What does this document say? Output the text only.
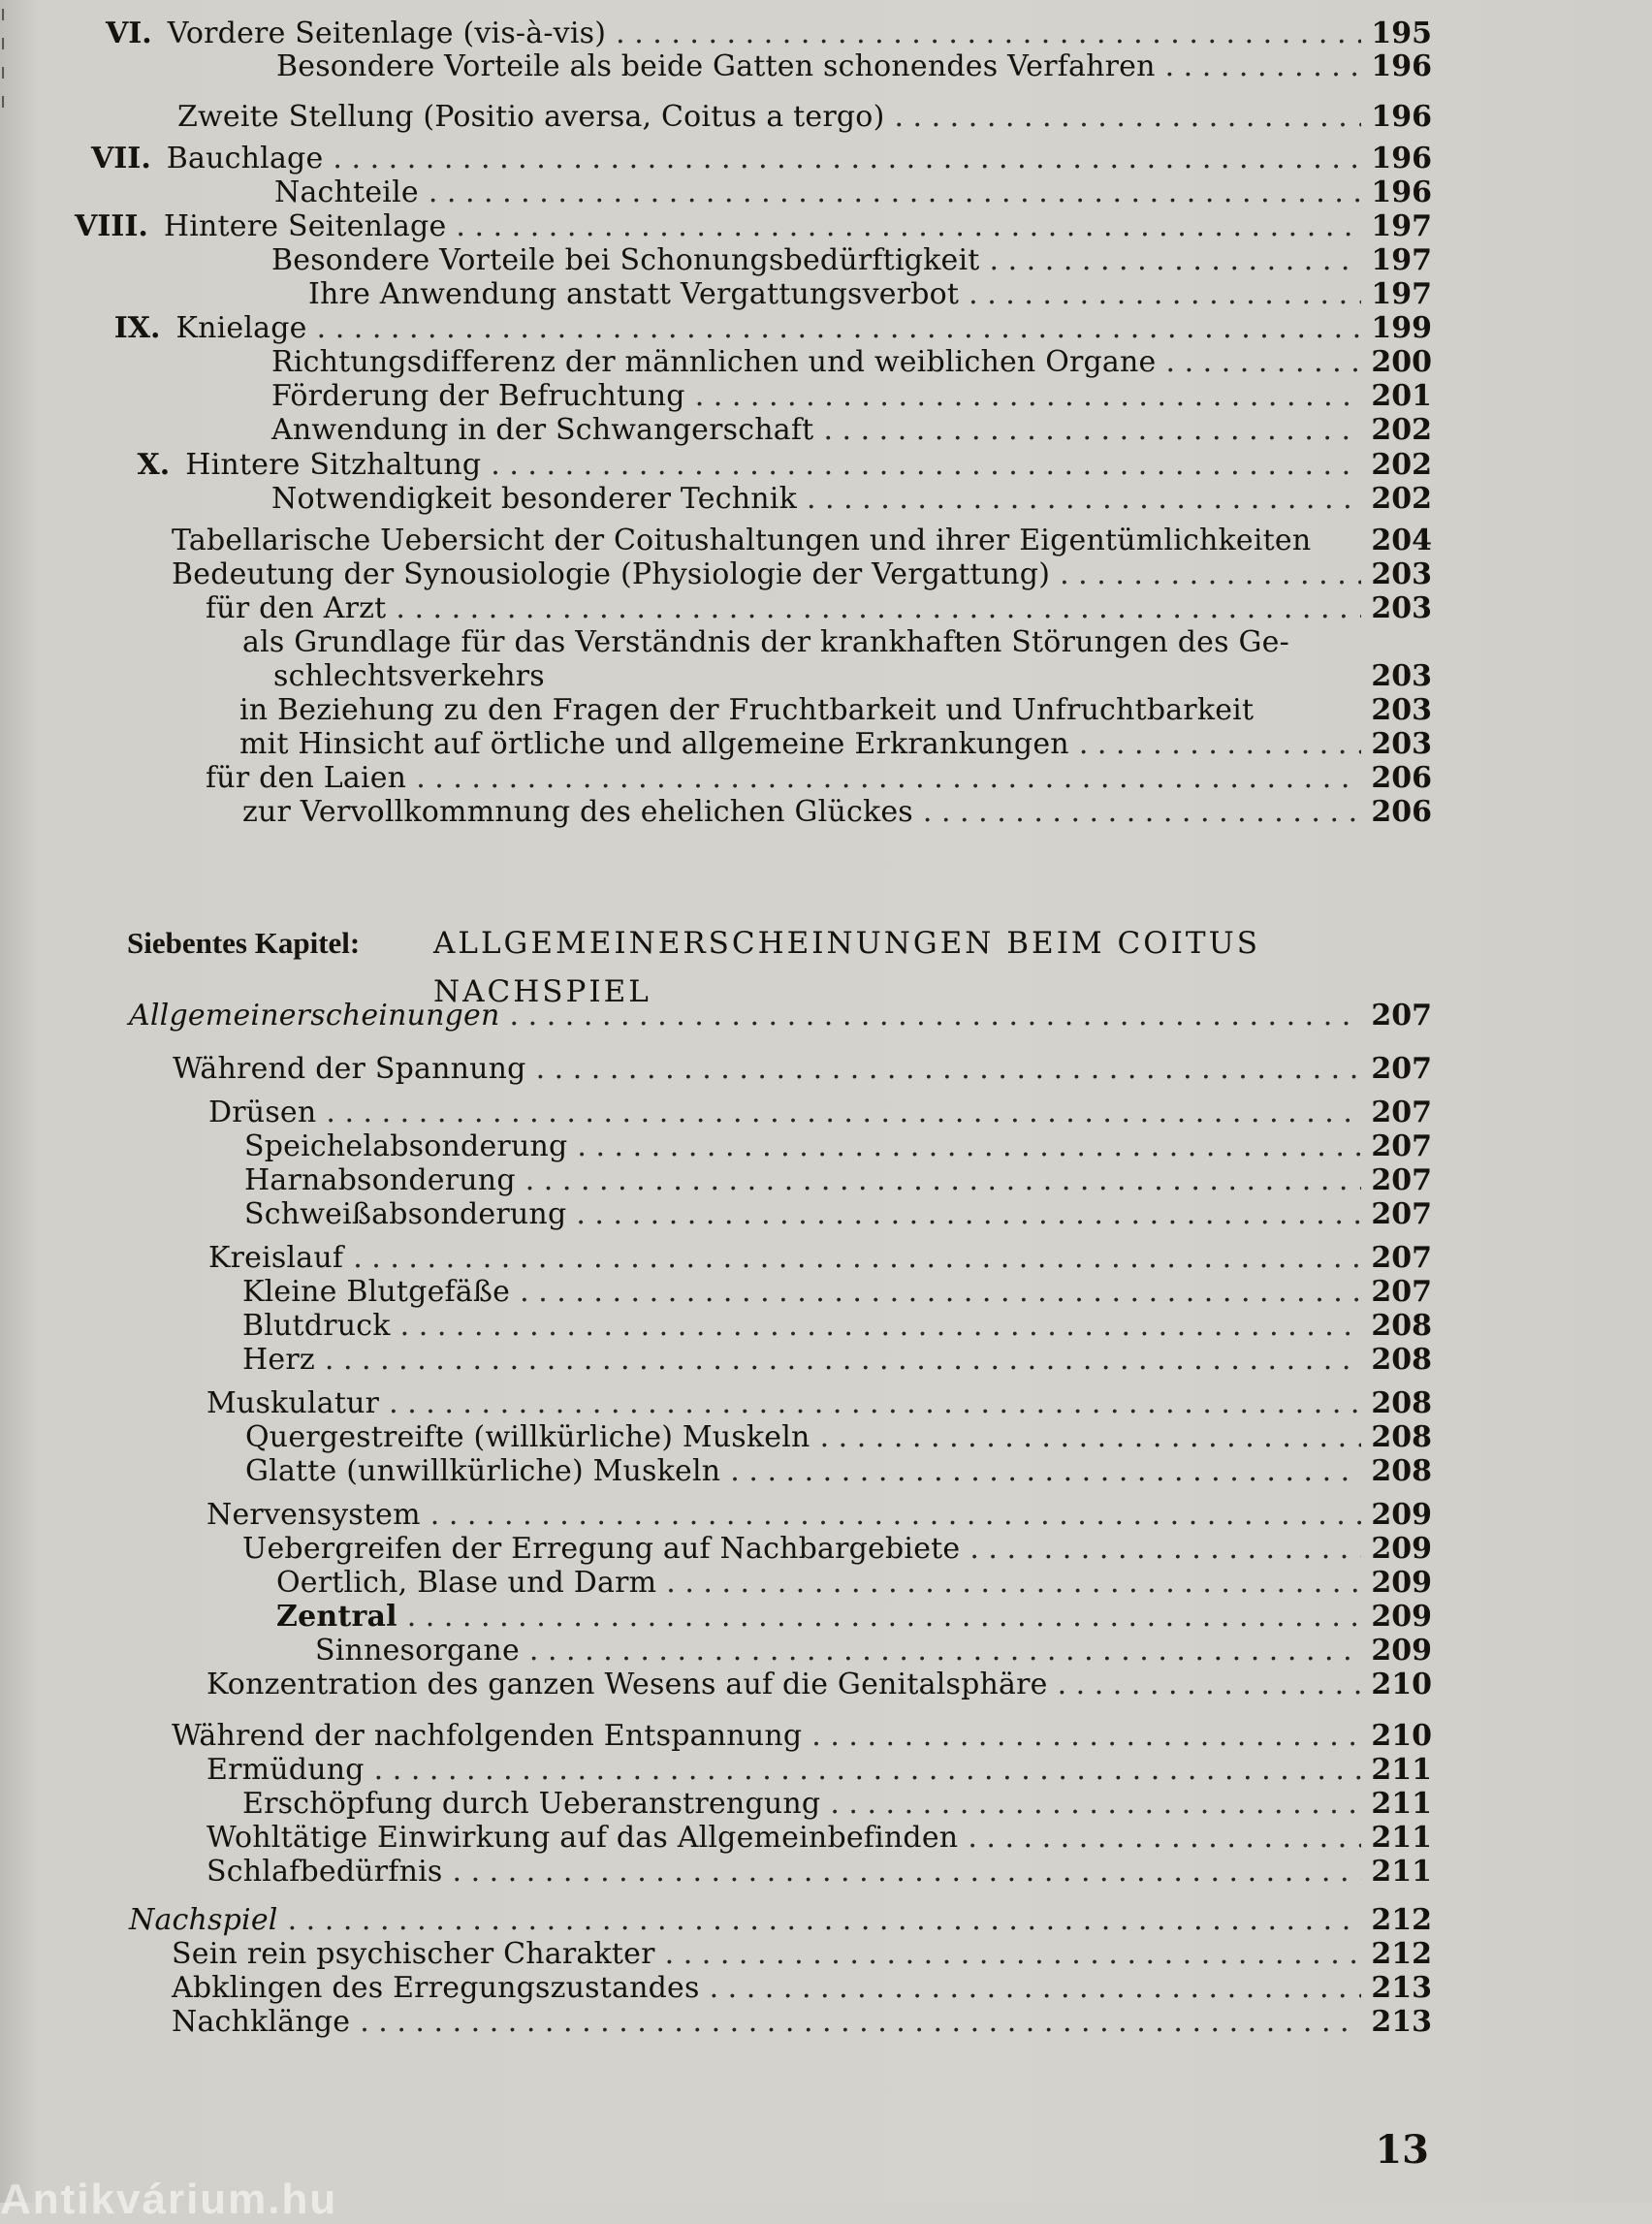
ı
ı
ı
ı
VI. Vordere Seitenlage (vis-à-vis) . . .	195
Besondere Vorteile als beide Gatten schonendes Verfahren . . .	196
Zweite Stellung (Positio aversa, Coitus a tergo) . . .	196
VII. Bauchlage . . .	196
Nachteile . . .	196
VIII. Hintere Seitenlage . . .	197
Besondere Vorteile bei Schonungsbedürftigkeit . . .	197
Ihre Anwendung anstatt Vergattungsverbot . . .	197
IX. Knielage . . .	199
Richtungsdifferenz der männlichen und weiblichen Organe . . .	200
Förderung der Befruchtung . . .	201
Anwendung in der Schwangerschaft . . .	202
X. Hintere Sitzhaltung . . .	202
Notwendigkeit besonderer Technik . . .	202
Tabellarische Uebersicht der Coitushaltungen und ihrer Eigentümlichkeiten 204
Bedeutung der Synousiologie (Physiologie der Vergattung) . . .	203
für den Arzt . . .	203
als Grundlage für das Verständnis der krankhaften Störungen des Ge-
schlechtsverkehrs	203
in Beziehung zu den Fragen der Fruchtbarkeit und Unfruchtbarkeit	203
mit Hinsicht auf örtliche und allgemeine Erkrankungen . . .	203
für den Laien . . .	206
zur Vervollkommnung des ehelichen Glückes . . .	206
Allgemeinerscheinungen . . .	207
Während der Spannung . . .	207
Drüsen . . .	207
Speichelabsonderung . . .	207
Harnabsonderung . . .	207
Schweißabsonderung . . .	207
Kreislauf . . .	207
Kleine Blutgefäße . . .	207
Blutdruck . . .	208
Herz . . .	208
Muskulatur . . .	208
Quergestreifte (willkürliche) Muskeln . . .	208
Glatte (unwillkürliche) Muskeln . . .	208
Nervensystem . . .	209
Uebergreifen der Erregung auf Nachbargebiete . . .	209
Oertlich, Blase und Darm . . .	209
Zentral . . .	209
Sinnesorgane . . .	209
Konzentration des ganzen Wesens auf die Genitalsphäre . . .	210
Während der nachfolgenden Entspannung . . .	210
Ermüdung . . .	211
Erschöpfung durch Ueberanstrengung . . .	211
Wohltätige Einwirkung auf das Allgemeinbefinden . . .	211
Schlafbedürfnis . . .	211
Nachspiel . . .	212
Sein rein psychischer Charakter . . .	212
Abklingen des Erregungszustandes . . .	213
Nachklänge . . .	213
Siebentes Kapitel: ALLGEMEINERSCHEINUNGEN BEIM COITUS
NACHSPIEL
13
Antikvárium.hu
